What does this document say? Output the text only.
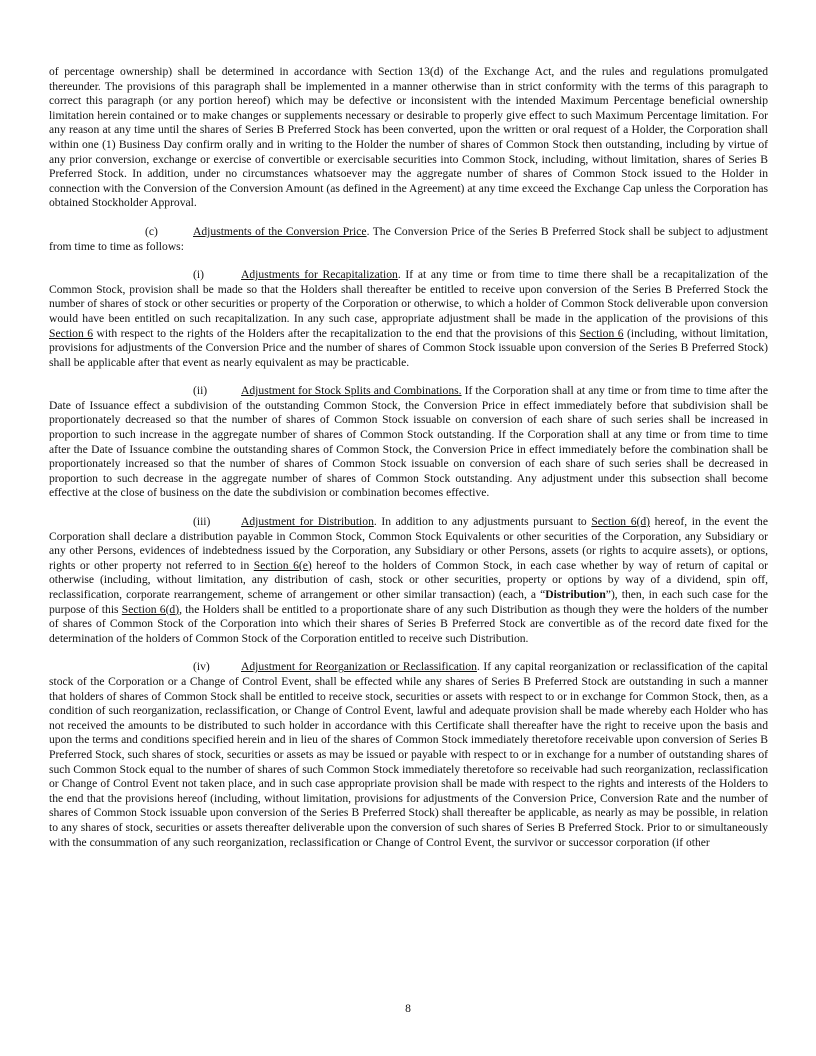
of percentage ownership) shall be determined in accordance with Section 13(d) of the Exchange Act, and the rules and regulations promulgated thereunder. The provisions of this paragraph shall be implemented in a manner otherwise than in strict conformity with the terms of this paragraph to correct this paragraph (or any portion hereof) which may be defective or inconsistent with the intended Maximum Percentage beneficial ownership limitation herein contained or to make changes or supplements necessary or desirable to properly give effect to such Maximum Percentage limitation. For any reason at any time until the shares of Series B Preferred Stock has been converted, upon the written or oral request of a Holder, the Corporation shall within one (1) Business Day confirm orally and in writing to the Holder the number of shares of Common Stock then outstanding, including by virtue of any prior conversion, exchange or exercise of convertible or exercisable securities into Common Stock, including, without limitation, shares of Series B Preferred Stock. In addition, under no circumstances whatsoever may the aggregate number of shares of Common Stock issued to the Holder in connection with the Conversion of the Conversion Amount (as defined in the Agreement) at any time exceed the Exchange Cap unless the Corporation has obtained Stockholder Approval.

(c)	Adjustments of the Conversion Price. The Conversion Price of the Series B Preferred Stock shall be subject to adjustment from time to time as follows:

(i)	Adjustments for Recapitalization. If at any time or from time to time there shall be a recapitalization of the Common Stock, provision shall be made so that the Holders shall thereafter be entitled to receive upon conversion of the Series B Preferred Stock the number of shares of stock or other securities or property of the Corporation or otherwise, to which a holder of Common Stock deliverable upon conversion would have been entitled on such recapitalization. In any such case, appropriate adjustment shall be made in the application of the provisions of this Section 6 with respect to the rights of the Holders after the recapitalization to the end that the provisions of this Section 6 (including, without limitation, provisions for adjustments of the Conversion Price and the number of shares of Common Stock issuable upon conversion of the Series B Preferred Stock) shall be applicable after that event as nearly equivalent as may be practicable.

(ii)	Adjustment for Stock Splits and Combinations. If the Corporation shall at any time or from time to time after the Date of Issuance effect a subdivision of the outstanding Common Stock, the Conversion Price in effect immediately before that subdivision shall be proportionately decreased so that the number of shares of Common Stock issuable on conversion of each share of such series shall be increased in proportion to such increase in the aggregate number of shares of Common Stock outstanding. If the Corporation shall at any time or from time to time after the Date of Issuance combine the outstanding shares of Common Stock, the Conversion Price in effect immediately before the combination shall be proportionately increased so that the number of shares of Common Stock issuable on conversion of each share of such series shall be decreased in proportion to such decrease in the aggregate number of shares of Common Stock outstanding. Any adjustment under this subsection shall become effective at the close of business on the date the subdivision or combination becomes effective.

(iii)	Adjustment for Distribution. In addition to any adjustments pursuant to Section 6(d) hereof, in the event the Corporation shall declare a distribution payable in Common Stock, Common Stock Equivalents or other securities of the Corporation, any Subsidiary or any other Persons, evidences of indebtedness issued by the Corporation, any Subsidiary or other Persons, assets (or rights to acquire assets), or options, rights or other property not referred to in Section 6(e) hereof to the holders of Common Stock, in each case whether by way of return of capital or otherwise (including, without limitation, any distribution of cash, stock or other securities, property or options by way of a dividend, spin off, reclassification, corporate rearrangement, scheme of arrangement or other similar transaction) (each, a “Distribution”), then, in each such case for the purpose of this Section 6(d), the Holders shall be entitled to a proportionate share of any such Distribution as though they were the holders of the number of shares of Common Stock of the Corporation into which their shares of Series B Preferred Stock are convertible as of the record date fixed for the determination of the holders of Common Stock of the Corporation entitled to receive such Distribution.

(iv)	Adjustment for Reorganization or Reclassification. If any capital reorganization or reclassification of the capital stock of the Corporation or a Change of Control Event, shall be effected while any shares of Series B Preferred Stock are outstanding in such a manner that holders of shares of Common Stock shall be entitled to receive stock, securities or assets with respect to or in exchange for Common Stock, then, as a condition of such reorganization, reclassification, or Change of Control Event, lawful and adequate provision shall be made whereby each Holder who has not received the amounts to be distributed to such holder in accordance with this Certificate shall thereafter have the right to receive upon the basis and upon the terms and conditions specified herein and in lieu of the shares of Common Stock immediately theretofore receivable upon conversion of Series B Preferred Stock, such shares of stock, securities or assets as may be issued or payable with respect to or in exchange for a number of outstanding shares of such Common Stock equal to the number of shares of such Common Stock immediately theretofore so receivable had such reorganization, reclassification or Change of Control Event not taken place, and in such case appropriate provision shall be made with respect to the rights and interests of the Holders to the end that the provisions hereof (including, without limitation, provisions for adjustments of the Conversion Price, Conversion Rate and the number of shares of Common Stock issuable upon conversion of the Series B Preferred Stock) shall thereafter be applicable, as nearly as may be possible, in relation to any shares of stock, securities or assets thereafter deliverable upon the conversion of such shares of Series B Preferred Stock. Prior to or simultaneously with the consummation of any such reorganization, reclassification or Change of Control Event, the survivor or successor corporation (if other

8
